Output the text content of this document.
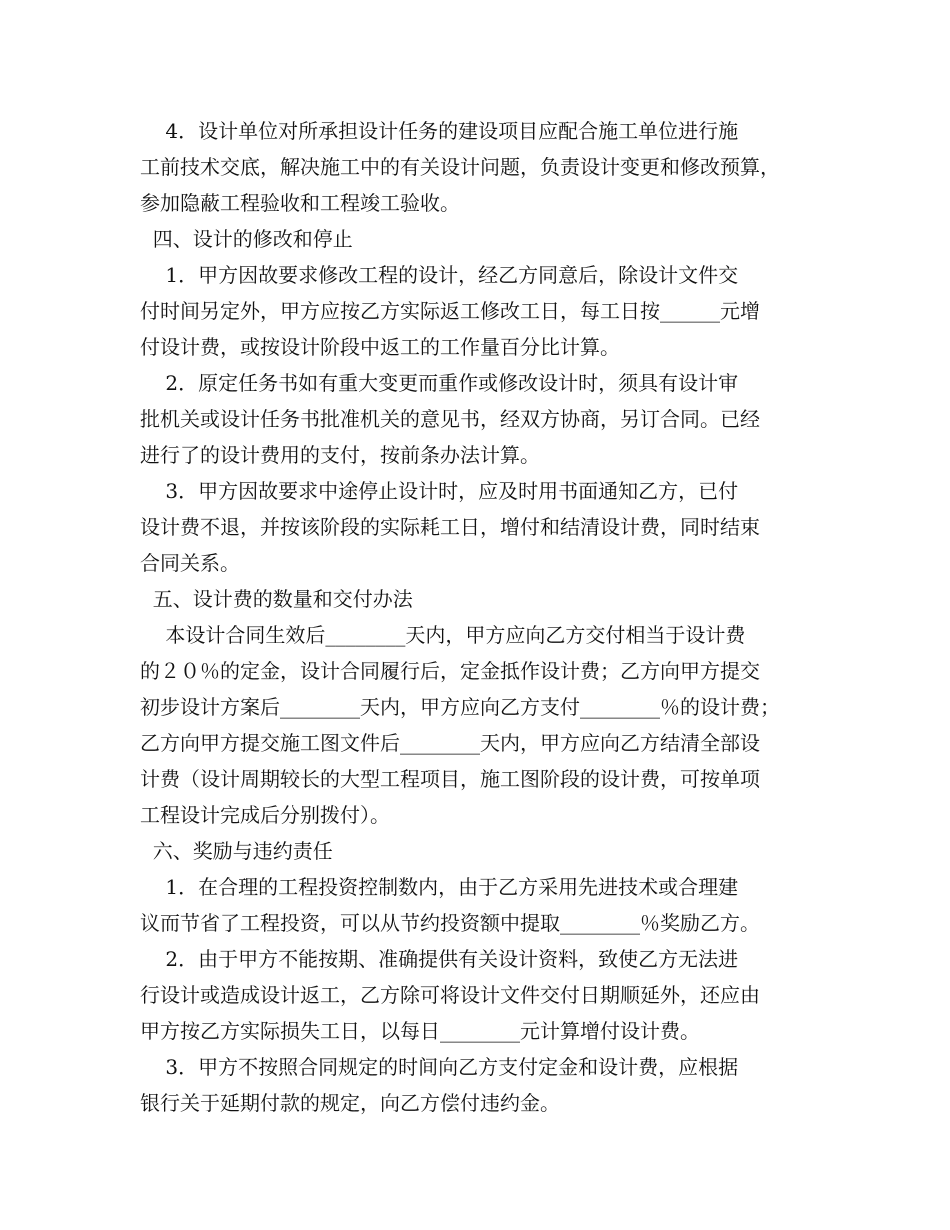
4．设计单位对所承担设计任务的建设项目应配合施工单位进行施
工前技术交底，解决施工中的有关设计问题，负责设计变更和修改预算，
参加隐蔽工程验收和工程竣工验收。
四、设计的修改和停止
1．甲方因故要求修改工程的设计，经乙方同意后，除设计文件交
付时间另定外，甲方应按乙方实际返工修改工日，每工日按______元增
付设计费，或按设计阶段中返工的工作量百分比计算。
2．原定任务书如有重大变更而重作或修改设计时，须具有设计审
批机关或设计任务书批准机关的意见书，经双方协商，另订合同。已经
进行了的设计费用的支付，按前条办法计算。
3．甲方因故要求中途停止设计时，应及时用书面通知乙方，已付
设计费不退，并按该阶段的实际耗工日，增付和结清设计费，同时结束
合同关系。
五、设计费的数量和交付办法
本设计合同生效后________天内，甲方应向乙方交付相当于设计费
的２０％的定金，设计合同履行后，定金抵作设计费；乙方向甲方提交
初步设计方案后________天内，甲方应向乙方支付________％的设计费；
乙方向甲方提交施工图文件后________天内，甲方应向乙方结清全部设
计费（设计周期较长的大型工程项目，施工图阶段的设计费，可按单项
工程设计完成后分别拨付）。
六、奖励与违约责任
1．在合理的工程投资控制数内，由于乙方采用先进技术或合理建
议而节省了工程投资，可以从节约投资额中提取________％奖励乙方。
2．由于甲方不能按期、准确提供有关设计资料，致使乙方无法进
行设计或造成设计返工，乙方除可将设计文件交付日期顺延外，还应由
甲方按乙方实际损失工日，以每日________元计算增付设计费。
3．甲方不按照合同规定的时间向乙方支付定金和设计费，应根据
银行关于延期付款的规定，向乙方偿付违约金。
